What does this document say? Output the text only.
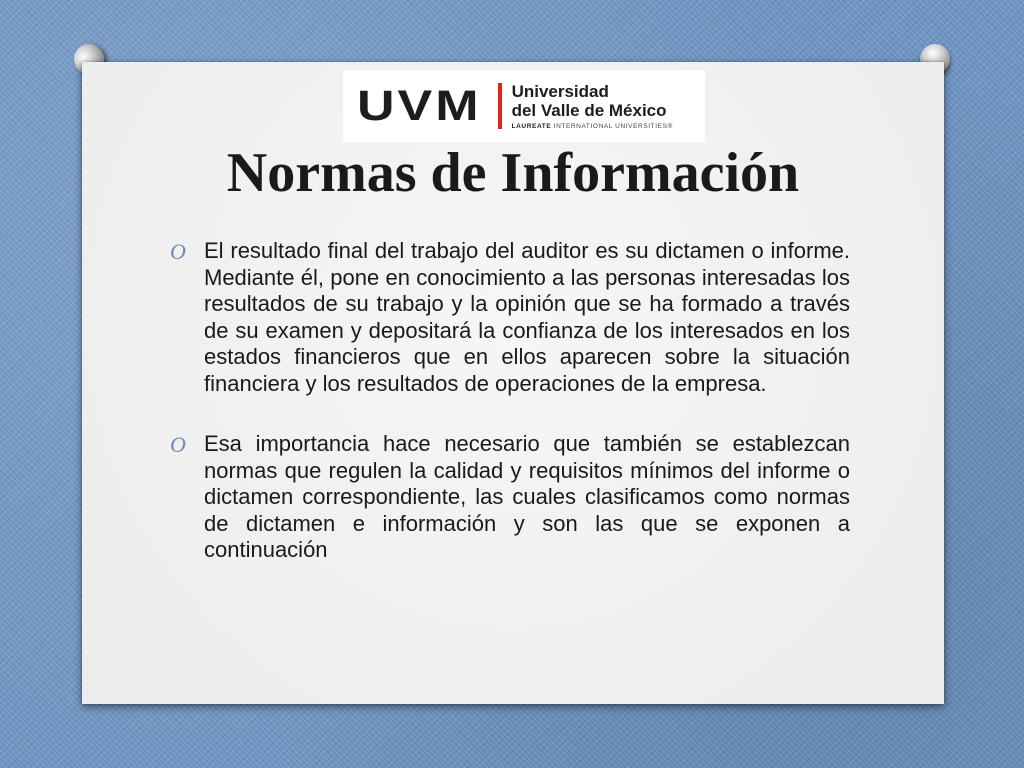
UVM Universidad
del Valle de México
LAUREATE INTERNATIONAL UNIVERSITIES®
Normas de Información
O El resultado final del trabajo del auditor es su dictamen o informe. Mediante él, pone en conocimiento a las personas interesadas los resultados de su trabajo y la opinión que se ha formado a través de su examen y depositará la confianza de los interesados en los estados financieros que en ellos aparecen sobre la situación financiera y los resultados de operaciones de la empresa.
O Esa importancia hace necesario que también se establezcan normas que regulen la calidad y requisitos mínimos del informe o dictamen correspondiente, las cuales clasificamos como normas de dictamen e información y son las que se exponen a continuación
